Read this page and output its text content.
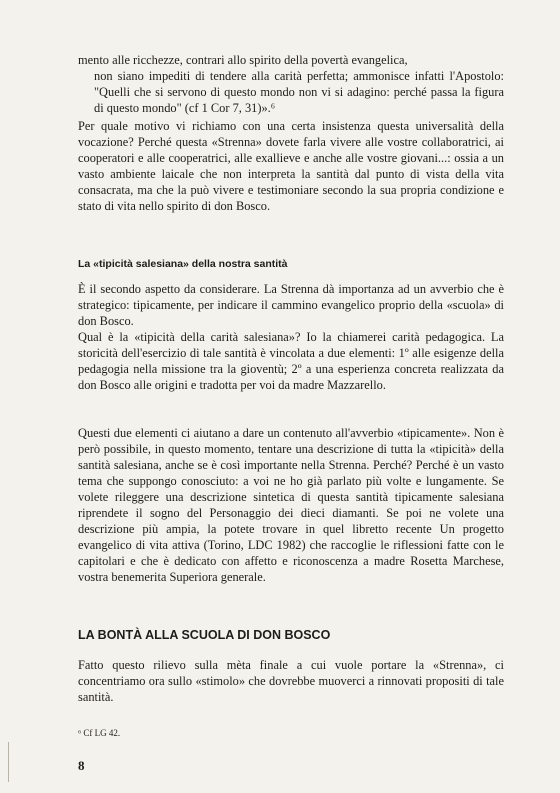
mento alle ricchezze, contrari allo spirito della povertà evangelica,

non siano impediti di tendere alla carità perfetta; ammonisce infatti l'Apostolo: "Quelli che si servono di questo mondo non vi si adagino: perché passa la figura di questo mondo" (cf 1 Cor 7, 31)».⁶

Per quale motivo vi richiamo con una certa insistenza questa universalità della vocazione? Perché questa «Strenna» dovete farla vivere alle vostre collaboratrici, ai cooperatori e alle cooperatrici, alle exallieve e anche alle vostre giovani...: ossia a un vasto ambiente laicale che non interpreta la santità dal punto di vista della vita consacrata, ma che la può vivere e testimoniare secondo la sua propria condizione e stato di vita nello spirito di don Bosco.

La «tipicità salesiana» della nostra santità

È il secondo aspetto da considerare. La Strenna dà importanza ad un avverbio che è strategico: tipicamente, per indicare il cammino evangelico proprio della «scuola» di don Bosco.

Qual è la «tipicità della carità salesiana»? Io la chiamerei carità pedagogica. La storicità dell'esercizio di tale santità è vincolata a due elementi: 1º alle esigenze della pedagogia nella missione tra la gioventù; 2º a una esperienza concreta realizzata da don Bosco alle origini e tradotta per voi da madre Mazzarello.

Questi due elementi ci aiutano a dare un contenuto all'avverbio «tipicamente». Non è però possibile, in questo momento, tentare una descrizione di tutta la «tipicità» della santità salesiana, anche se è così importante nella Strenna. Perché? Perché è un vasto tema che suppongo conosciuto: a voi ne ho già parlato più volte e lungamente. Se volete rileggere una descrizione sintetica di questa santità tipicamente salesiana riprendete il sogno del Personaggio dei dieci diamanti. Se poi ne volete una descrizione più ampia, la potete trovare in quel libretto recente Un progetto evangelico di vita attiva (Torino, LDC 1982) che raccoglie le riflessioni fatte con le capitolari e che è dedicato con affetto e riconoscenza a madre Rosetta Marchese, vostra benemerita Superiora generale.

LA BONTÀ ALLA SCUOLA DI DON BOSCO

Fatto questo rilievo sulla mèta finale a cui vuole portare la «Strenna», ci concentriamo ora sullo «stimolo» che dovrebbe muoverci a rinnovati propositi di tale santità.

⁶ Cf LG 42.

8
